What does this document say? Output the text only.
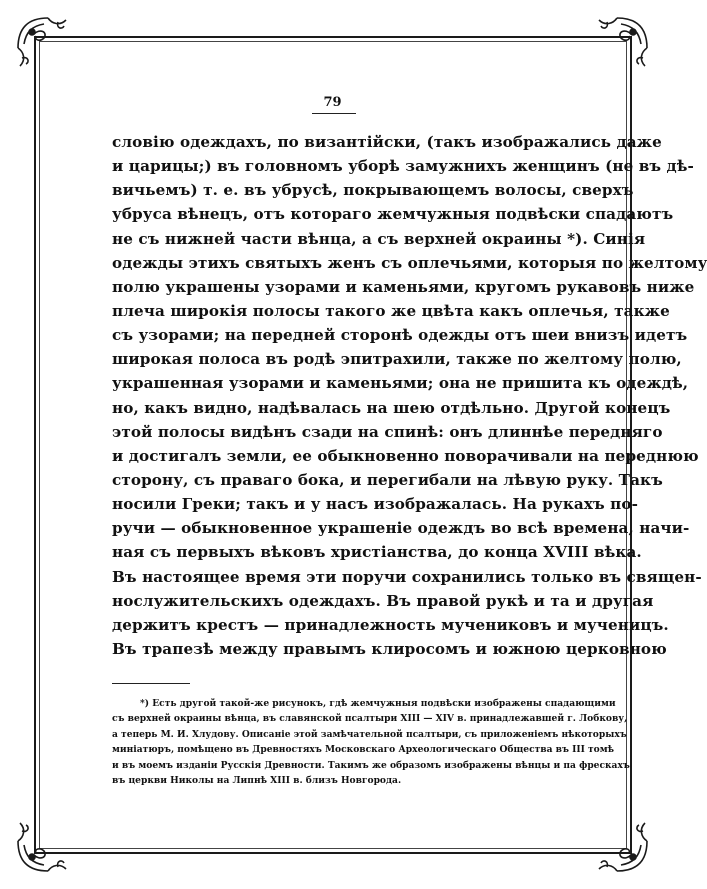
79
словію одеждахъ, по византійски, (такъ изображались даже
и царицы;) въ головномъ уборѣ замужнихъ женщинъ (не въ дѣ-
вичьемъ) т. е. въ убрусѣ, покрывающемъ волосы, сверхъ
убруса вѣнецъ, отъ котораго жемчужныя подвѣски спадаютъ
не съ нижней части вѣнца, а съ верхней окраины *). Синія
одежды этихъ святыхъ женъ съ оплечьями, которыя по желтому
полю украшены узорами и каменьями, кругомъ рукавовъ ниже
плеча широкія полосы такого же цвѣта какъ оплечья, также
съ узорами; на передней сторонѣ одежды отъ шеи внизъ идетъ
широкая полоса въ родѣ эпитрахили, также по желтому полю,
украшенная узорами и каменьями; она не пришита къ одеждѣ,
но, какъ видно, надѣвалась на шею отдѣльно. Другой конецъ
этой полосы видѣнъ сзади на спинѣ: онъ длиннѣе передняго
и достигалъ земли, ее обыкновенно поворачивали на переднюю
сторону, съ праваго бока, и перегибали на лѣвую руку. Такъ
носили Греки; такъ и у насъ изображалась. На рукахъ по-
ручи — обыкновенное украшеніе одеждъ во всѣ времена, начи-
ная съ первыхъ вѣковъ христіанства, до конца XVIII вѣка.
Въ настоящее время эти поручи сохранились только въ священ-
нослужительскихъ одеждахъ. Въ правой рукѣ и та и другая
держитъ крестъ — принадлежность мучениковъ и мученицъ.
Въ трапезѣ между правымъ клиросомъ и южною церковною
*) Есть другой такой-же рисунокъ, гдѣ жемчужныя подвѣски изображены спадающими
съ верхней окраины вѣнца, въ славянской псалтыри XIII — XIV в. принадлежавшей г. Лобкову,
а теперь М. И. Хлудову. Описаніе этой замѣчательной псалтыри, съ приложеніемъ нѣкоторыхъ
миніатюръ, помѣщено въ Древностяхъ Московскаго Археологическаго Общества въ III томѣ
и въ моемъ изданіи Русскія Древности. Такимъ же образомъ изображены вѣнцы и па фрескахъ
въ церкви Николы на Липнѣ XIII в. близъ Новгорода.
